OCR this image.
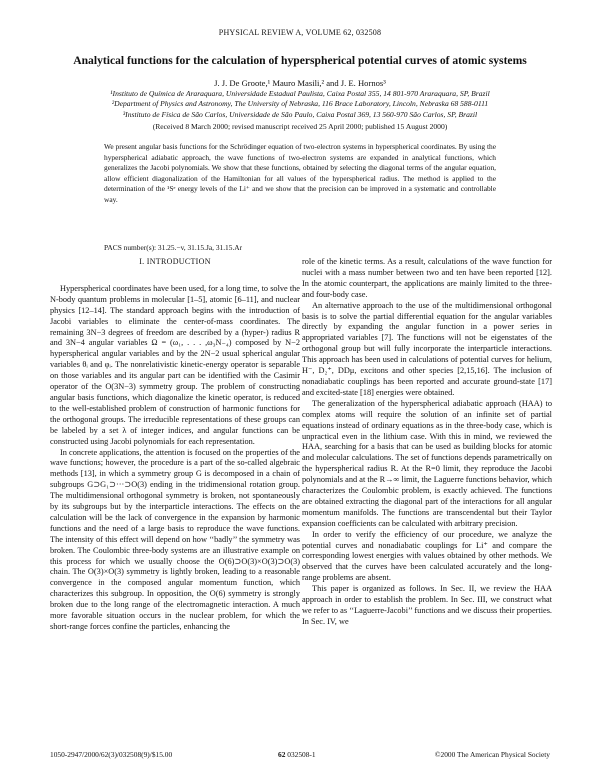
PHYSICAL REVIEW A, VOLUME 62, 032508
Analytical functions for the calculation of hyperspherical potential curves of atomic systems
J. J. De Groote,¹ Mauro Masili,² and J. E. Hornos³
¹Instituto de Química de Araraquara, Universidade Estadual Paulista, Caixa Postal 355, 14 801-970 Araraquara, SP, Brazil
²Department of Physics and Astronomy, The University of Nebraska, 116 Brace Laboratory, Lincoln, Nebraska 68 588-0111
³Instituto de Física de São Carlos, Universidade de São Paulo, Caixa Postal 369, 13 560-970 São Carlos, SP, Brazil
(Received 8 March 2000; revised manuscript received 25 April 2000; published 15 August 2000)
We present angular basis functions for the Schrödinger equation of two-electron systems in hyperspherical coordinates. By using the hyperspherical adiabatic approach, the wave functions of two-electron systems are expanded in analytical functions, which generalizes the Jacobi polynomials. We show that these functions, obtained by selecting the diagonal terms of the angular equation, allow efficient diagonalization of the Hamiltonian for all values of the hyperspherical radius. The method is applied to the determination of the ¹Sᵉ energy levels of the Li⁺ and we show that the precision can be improved in a systematic and controllable way.
PACS number(s): 31.25.−v, 31.15.Ja, 31.15.Ar
I. INTRODUCTION

Hyperspherical coordinates have been used, for a long time, to solve the N-body quantum problems in molecular [1–5], atomic [6–11], and nuclear physics [12–14]. The standard approach begins with the introduction of Jacobi variables to eliminate the center-of-mass coordinates. The remaining 3N−3 degrees of freedom are described by a (hyper-) radius R and 3N−4 angular variables Ω = (ω₁, . . . ,ω₃N₋₄) composed by N−2 hyperspherical angular variables and by the 2N−2 usual spherical angular variables θᵢ and φᵢ. The nonrelativistic kinetic-energy operator is separable on those variables and its angular part can be identified with the Casimir operator of the O(3N−3) symmetry group. The problem of constructing angular basis functions, which diagonalize the kinetic operator, is reduced to the well-established problem of construction of harmonic functions for the orthogonal groups. The irreducible representations of these groups can be labeled by a set λ of integer indices, and angular functions can be constructed using Jacobi polynomials for each representation.

In concrete applications, the attention is focused on the properties of the wave functions; however, the procedure is a part of the so-called algebraic methods [13], in which a symmetry group G is decomposed in a chain of subgroups G⊃G₁⊃···⊃O(3) ending in the tridimensional rotation group. The multidimensional orthogonal symmetry is broken, not spontaneously by its subgroups but by the interparticle interactions. The effects on the calculation will be the lack of convergence in the expansion by harmonic functions and the need of a large basis to reproduce the wave functions. The intensity of this effect will depend on how ‘‘badly’’ the symmetry was broken. The Coulombic three-body systems are an illustrative example on this process for which we usually choose the O(6)⊃O(3)×O(3)⊃O(3) chain. The O(3)×O(3) symmetry is lightly broken, leading to a reasonable convergence in the composed angular momentum function, which characterizes this subgroup. In opposition, the O(6) symmetry is strongly broken due to the long range of the electromagnetic interaction. A much more favorable situation occurs in the nuclear problem, for which the short-range forces confine the particles, enhancing the

role of the kinetic terms. As a result, calculations of the wave function for nuclei with a mass number between two and ten have been reported [12]. In the atomic counterpart, the applications are mainly limited to the three- and four-body case.

An alternative approach to the use of the multidimensional orthogonal basis is to solve the partial differential equation for the angular variables directly by expanding the angular function in a power series in appropriated variables [7]. The functions will not be eigenstates of the orthogonal group but will fully incorporate the interparticle interactions. This approach has been used in calculations of potential curves for helium, H⁻, D₂⁺, DDμ, excitons and other species [2,15,16]. The inclusion of nonadiabatic couplings has been reported and accurate ground-state [17] and excited-state [18] energies were obtained.

The generalization of the hyperspherical adiabatic approach (HAA) to complex atoms will require the solution of an infinite set of partial equations instead of ordinary equations as in the three-body case, which is unpractical even in the lithium case. With this in mind, we reviewed the HAA, searching for a basis that can be used as building blocks for atomic and molecular calculations. The set of functions depends parametrically on the hyperspherical radius R. At the R=0 limit, they reproduce the Jacobi polynomials and at the R→∞ limit, the Laguerre functions behavior, which characterizes the Coulombic problem, is exactly achieved. The functions are obtained extracting the diagonal part of the interactions for all angular momentum manifolds. The functions are transcendental but their Taylor expansion coefficients can be calculated with arbitrary precision.

In order to verify the efficiency of our procedure, we analyze the potential curves and nonadiabatic couplings for Li⁺ and compare the corresponding lowest energies with values obtained by other methods. We observed that the curves have been calculated accurately and the long-range problems are absent.

This paper is organized as follows. In Sec. II, we review the HAA approach in order to establish the problem. In Sec. III, we construct what we refer to as ‘‘Laguerre-Jacobi’’ functions and we discuss their properties. In Sec. IV, we

1050-2947/2000/62(3)/032508(9)/$15.00	62 032508-1	©2000 The American Physical Society
